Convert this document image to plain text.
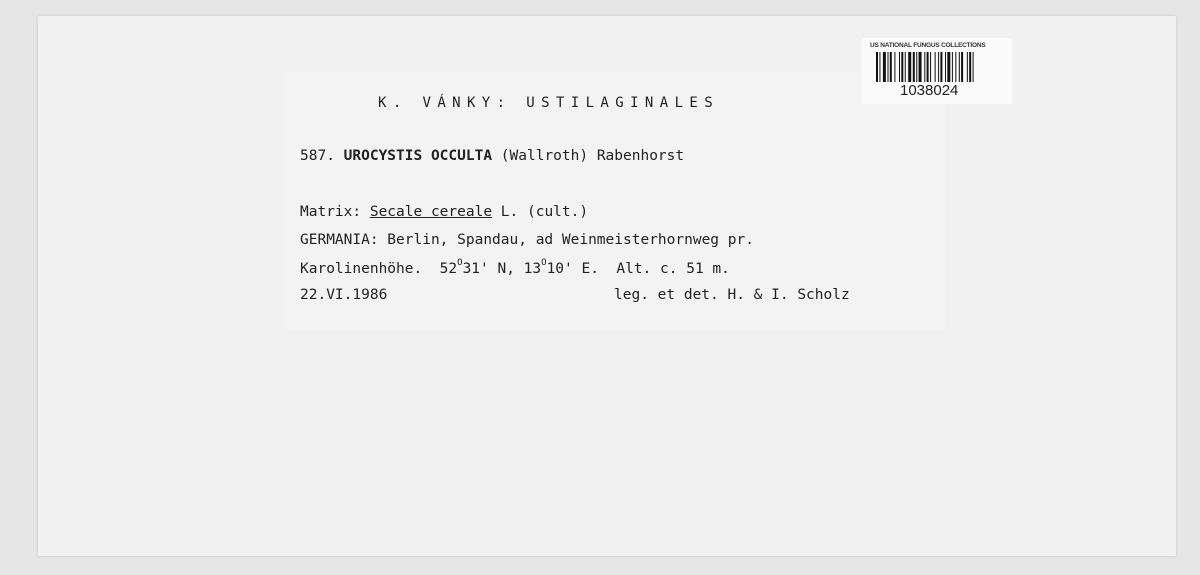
US NATIONAL FUNGUS COLLECTIONS
1038024
K. VÁNKY: USTILAGINALES
587. UROCYSTIS OCCULTA (Wallroth) Rabenhorst
Matrix: Secale cereale L. (cult.)
GERMANIA: Berlin, Spandau, ad Weinmeisterhornweg pr.
Karolinenhöhe.  $52^O31'$ N, $13^O10'$ E.  Alt. c. 51 m.
22.VI.1986	leg. et det. H. & I. Scholz
